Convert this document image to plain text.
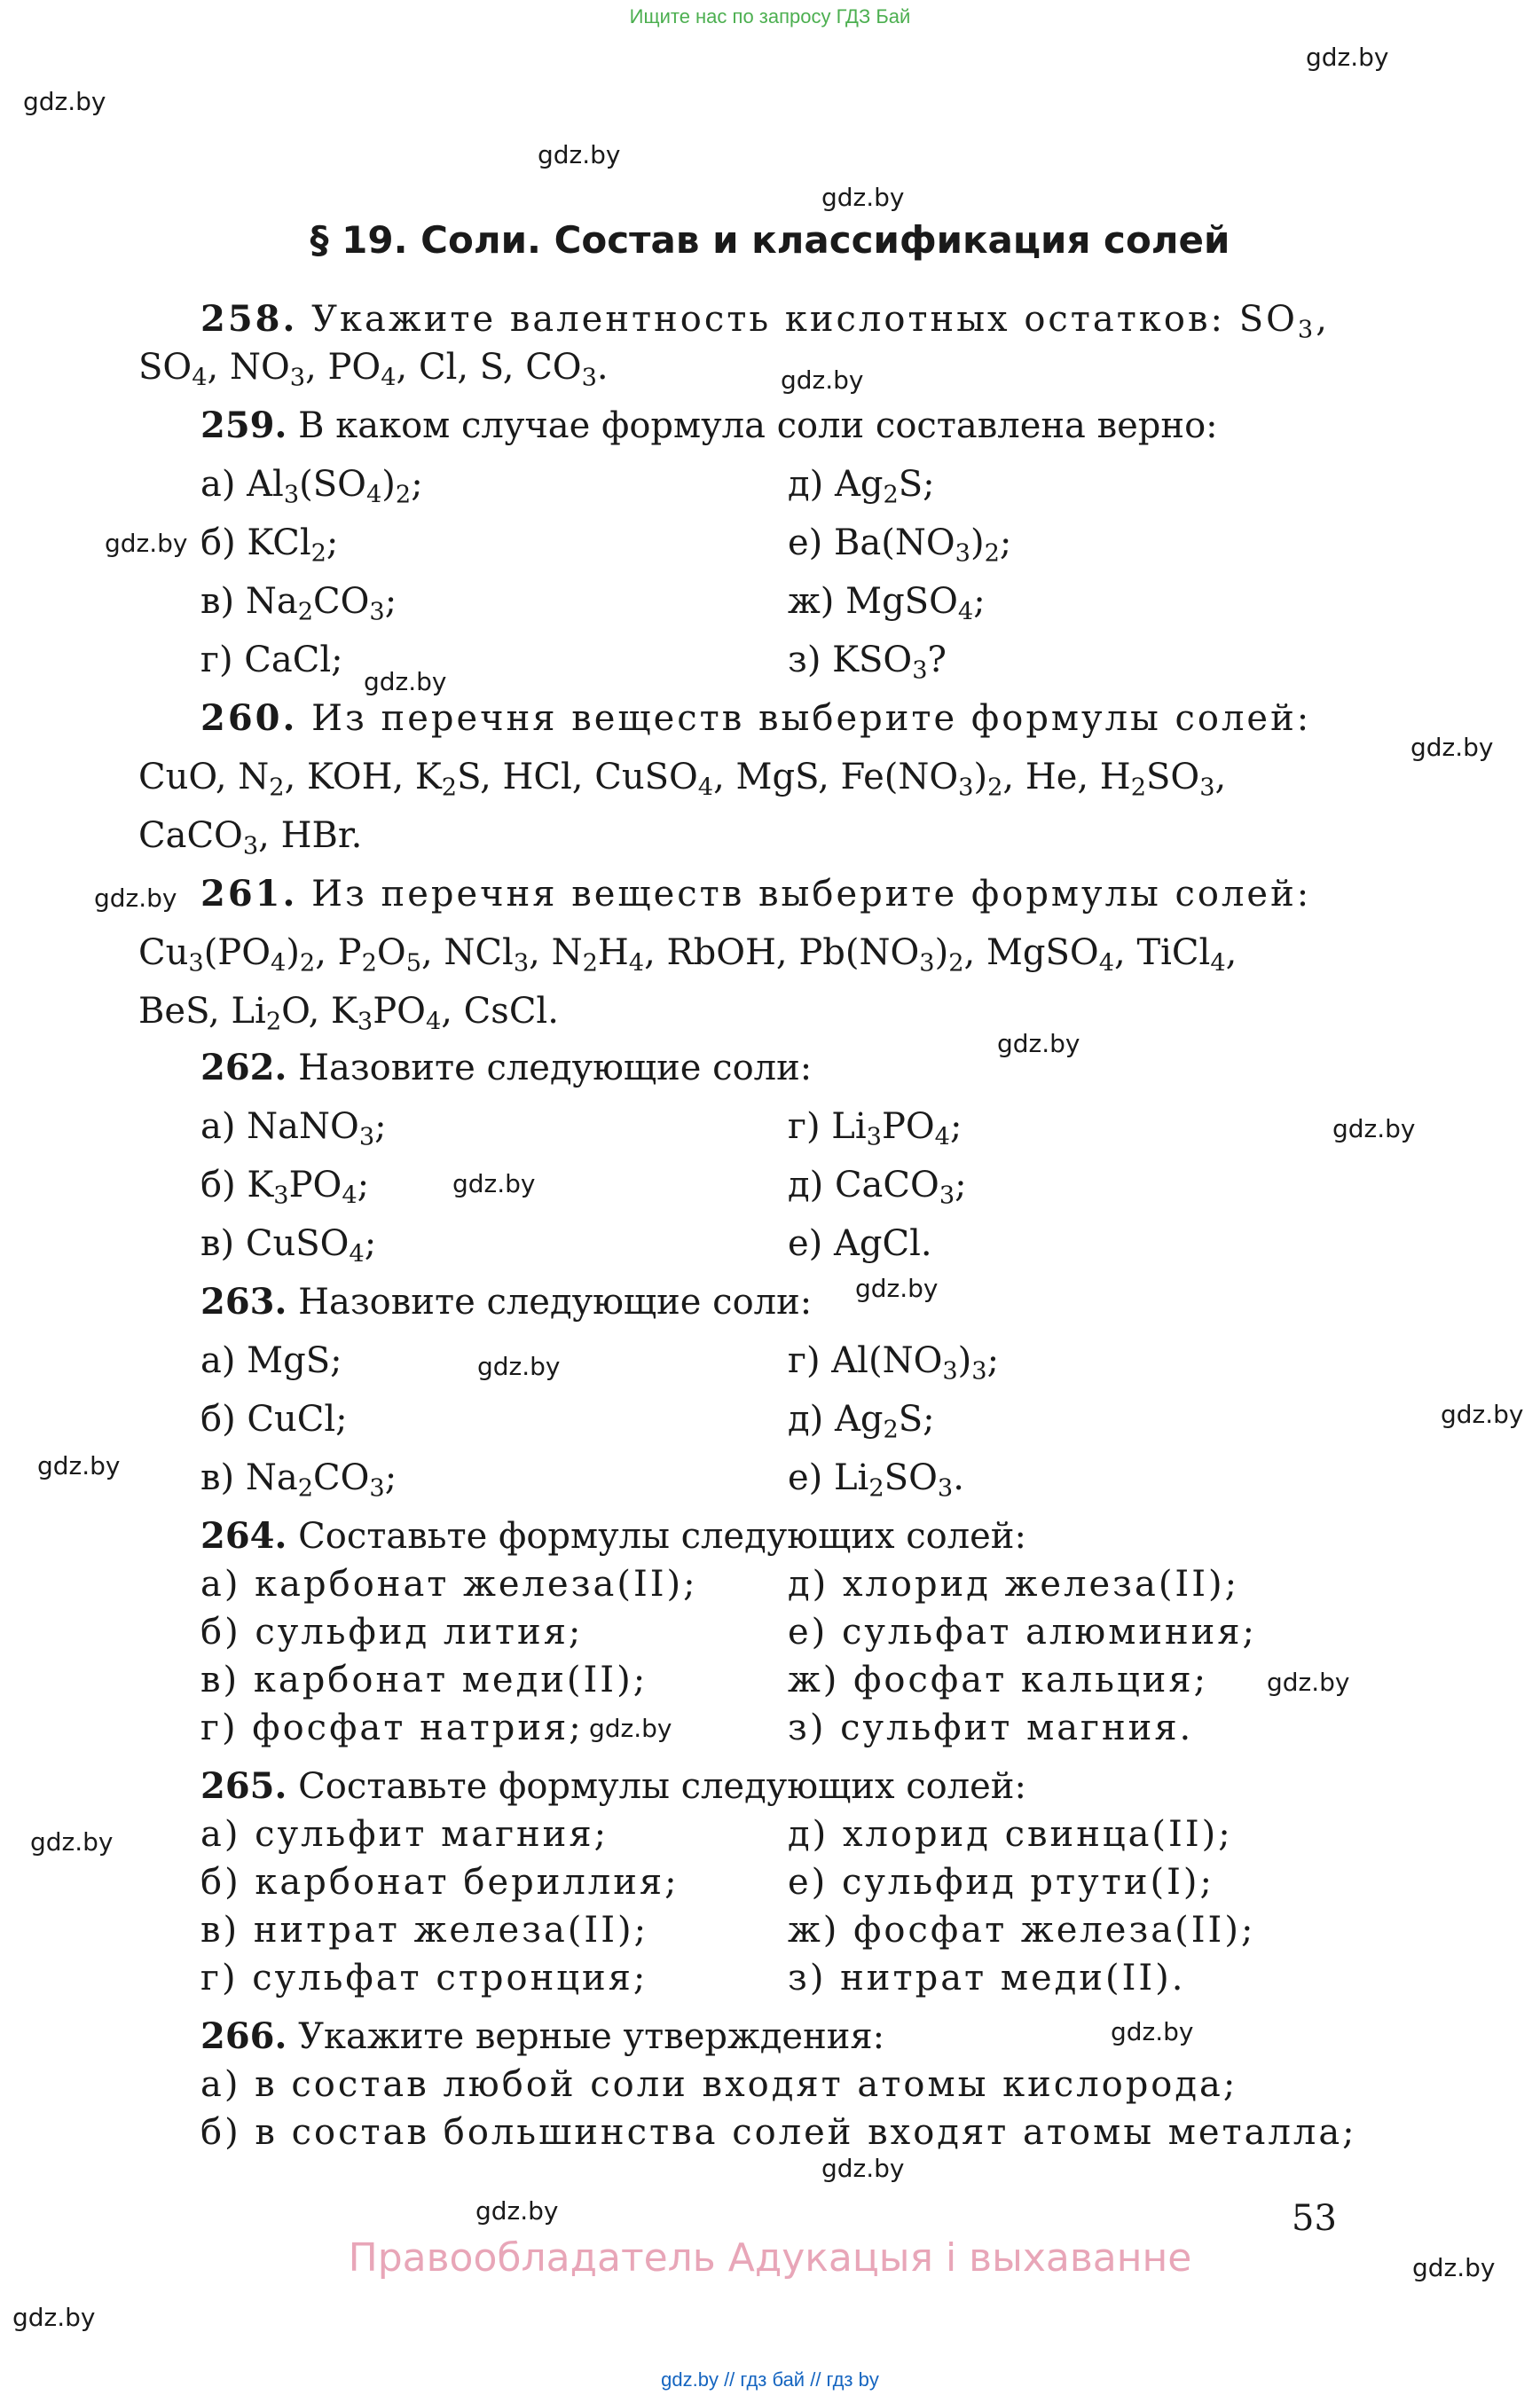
Ищите нас по запросу ГДЗ Бай
gdz.by
gdz.by
gdz.by
gdz.by
gdz.by
gdz.by
gdz.by
gdz.by
gdz.by
gdz.by
gdz.by
gdz.by
gdz.by
gdz.by
gdz.by
gdz.by
gdz.by
gdz.by
gdz.by
gdz.by
gdz.by
gdz.by
gdz.by
gdz.by
§ 19. Соли. Состав и классификация солей
258. Укажите валентность кислотных остатков: $SO_3$,
$SO_4$, $NO_3$, $PO_4$, Cl, S, $CO_3$.
259. В каком случае формула соли составлена верно:
а) $Al_3(SO_4)_2$;
б) KCl$_2$;
в) $Na_2CO_3$;
г) CaCl;
д) $Ag_2S$;
е) $Ba(NO_3)_2$;
ж) MgSO$_4$;
з) $KSO_3$?
260. Из перечня веществ выберите формулы солей:
CuO, $N_2$, KOH, $K_2S$, HCl, CuSO$_4$, MgS, $Fe(NO_3)_2$, He, $H_2SO_3$,
CaCO$_3$, HBr.
261. Из перечня веществ выберите формулы солей:
$Cu_3(PO_4)_2$, $P_2O_5$, NCl$_3$, $N_2H_4$, RbOH, $Pb(NO_3)_2$, MgSO$_4$, TiCl$_4$,
BeS, $Li_2O$, $K_3PO_4$, CsCl.
262. Назовите следующие соли:
а) NaNO$_3$;
б) $K_3PO_4$;
в) CuSO$_4$;
г) $Li_3PO_4$;
д) CaCO$_3$;
е) AgCl.
263. Назовите следующие соли:
а) MgS;
б) CuCl;
в) $Na_2CO_3$;
г) $Al(NO_3)_3$;
д) $Ag_2S$;
е) $Li_2SO_3$.
264. Составьте формулы следующих солей:
а) карбонат железа(II);
б) сульфид лития;
в) карбонат меди(II);
г) фосфат натрия;
д) хлорид железа(II);
е) сульфат алюминия;
ж) фосфат кальция;
з) сульфит магния.
265. Составьте формулы следующих солей:
а) сульфит магния;
б) карбонат бериллия;
в) нитрат железа(II);
г) сульфат стронция;
д) хлорид свинца(II);
е) сульфид ртути(I);
ж) фосфат железа(II);
з) нитрат меди(II).
266. Укажите верные утверждения:
а) в состав любой соли входят атомы кислорода;
б) в состав большинства солей входят атомы металла;
53
Правообладатель Адукацыя і выхаванне
gdz.by // гдз бай // гдз by
